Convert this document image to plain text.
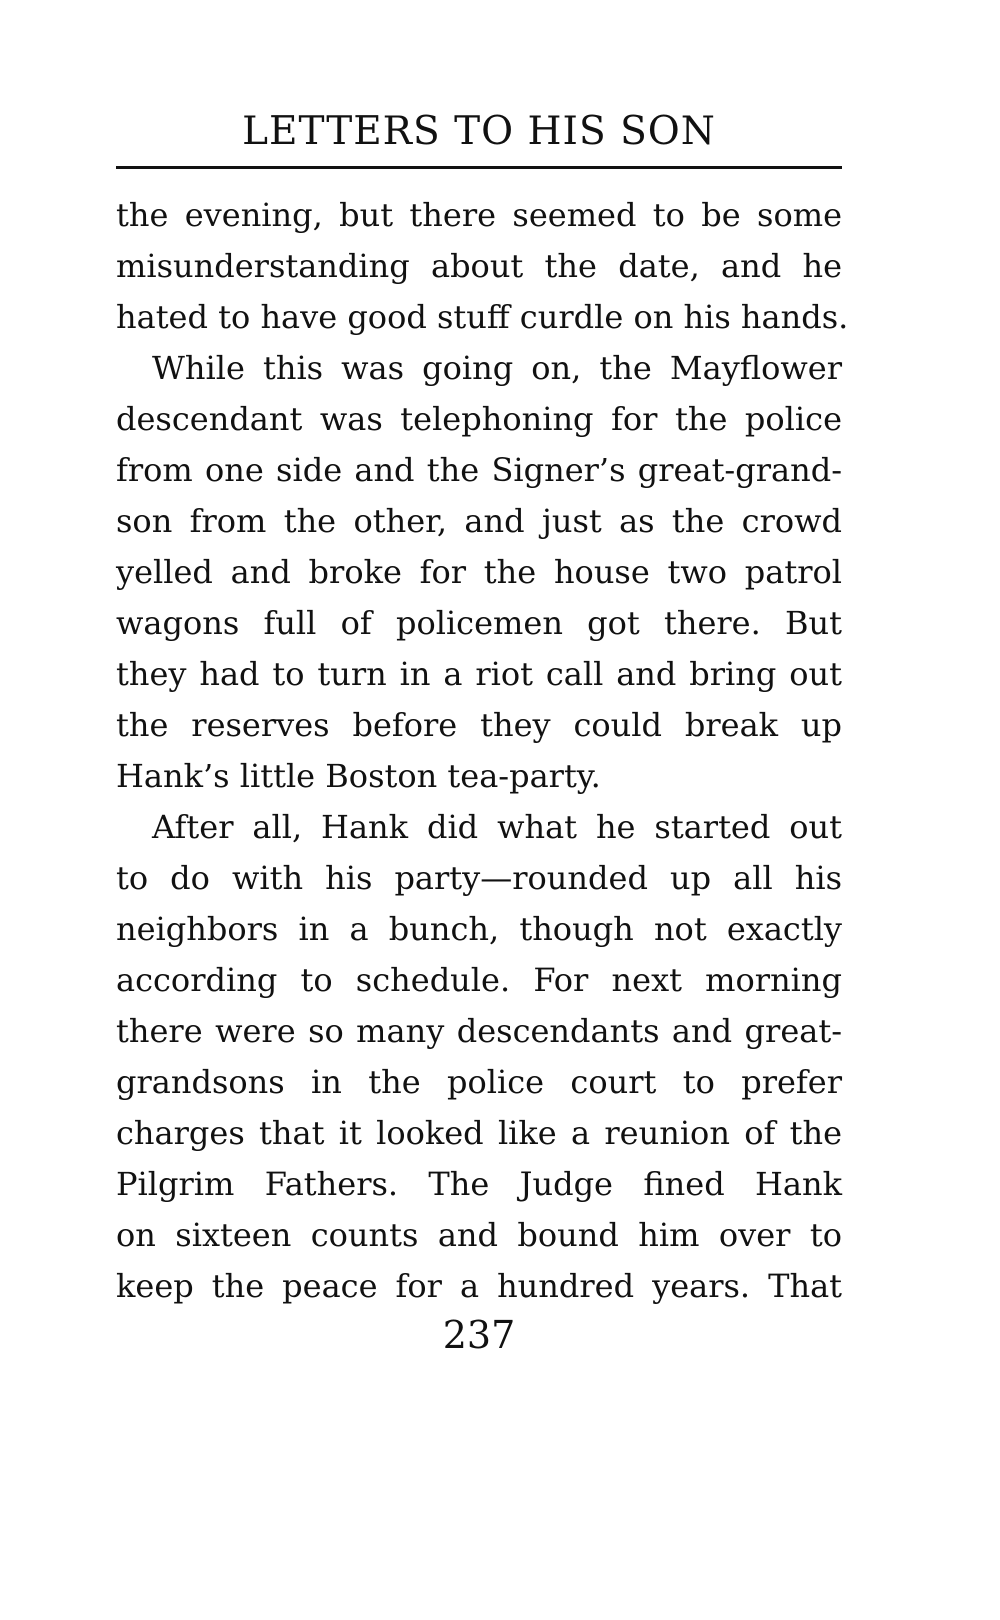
LETTERS TO HIS SON
the evening, but there seemed to be some
misunderstanding about the date, and he
hated to have good stuff curdle on his hands.
While this was going on, the Mayflower
descendant was telephoning for the police
from one side and the Signer’s great-grand-
son from the other, and just as the crowd
yelled and broke for the house two patrol
wagons full of policemen got there. But
they had to turn in a riot call and bring out
the reserves before they could break up
Hank’s little Boston tea-party.
After all, Hank did what he started out
to do with his party—rounded up all his
neighbors in a bunch, though not exactly
according to schedule. For next morning
there were so many descendants and great-
grandsons in the police court to prefer
charges that it looked like a reunion of the
Pilgrim Fathers. The Judge fined Hank
on sixteen counts and bound him over to
keep the peace for a hundred years. That
237
